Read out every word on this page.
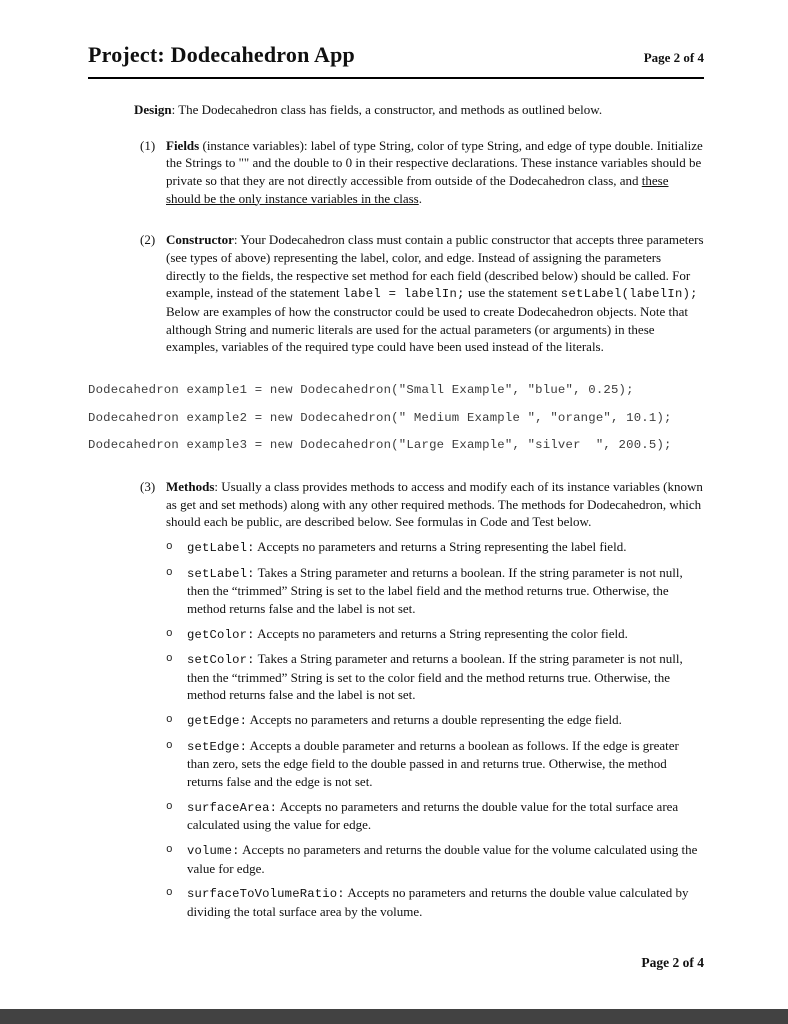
Project: Dodecahedron App	Page 2 of 4

Design: The Dodecahedron class has fields, a constructor, and methods as outlined below.

(1) Fields (instance variables): label of type String, color of type String, and edge of type double. Initialize the Strings to "" and the double to 0 in their respective declarations. These instance variables should be private so that they are not directly accessible from outside of the Dodecahedron class, and these should be the only instance variables in the class.
(2) Constructor: Your Dodecahedron class must contain a public constructor that accepts three parameters (see types of above) representing the label, color, and edge. Instead of assigning the parameters directly to the fields, the respective set method for each field (described below) should be called. For example, instead of the statement label = labelIn; use the statement setLabel(labelIn); Below are examples of how the constructor could be used to create Dodecahedron objects. Note that although String and numeric literals are used for the actual parameters (or arguments) in these examples, variables of the required type could have been used instead of the literals.
Dodecahedron example1 = new Dodecahedron("Small Example", "blue", 0.25);
Dodecahedron example2 = new Dodecahedron(" Medium Example ", "orange", 10.1);
Dodecahedron example3 = new Dodecahedron("Large Example", "silver  ", 200.5);
(3) Methods: Usually a class provides methods to access and modify each of its instance variables (known as get and set methods) along with any other required methods. The methods for Dodecahedron, which should each be public, are described below. See formulas in Code and Test below.

o	getLabel: Accepts no parameters and returns a String representing the label field.
o	setLabel: Takes a String parameter and returns a boolean. If the string parameter is not null, then the “trimmed” String is set to the label field and the method returns true. Otherwise, the method returns false and the label is not set.
o	getColor: Accepts no parameters and returns a String representing the color field.
o	setColor: Takes a String parameter and returns a boolean. If the string parameter is not null, then the “trimmed” String is set to the color field and the method returns true. Otherwise, the method returns false and the label is not set.
o	getEdge: Accepts no parameters and returns a double representing the edge field.
o	setEdge: Accepts a double parameter and returns a boolean as follows. If the edge is greater than zero, sets the edge field to the double passed in and returns true. Otherwise, the method returns false and the edge is not set.
o	surfaceArea: Accepts no parameters and returns the double value for the total surface area calculated using the value for edge.
o	volume: Accepts no parameters and returns the double value for the volume calculated using the value for edge.
o	surfaceToVolumeRatio: Accepts no parameters and returns the double value calculated by dividing the total surface area by the volume.
Page 2 of 4
